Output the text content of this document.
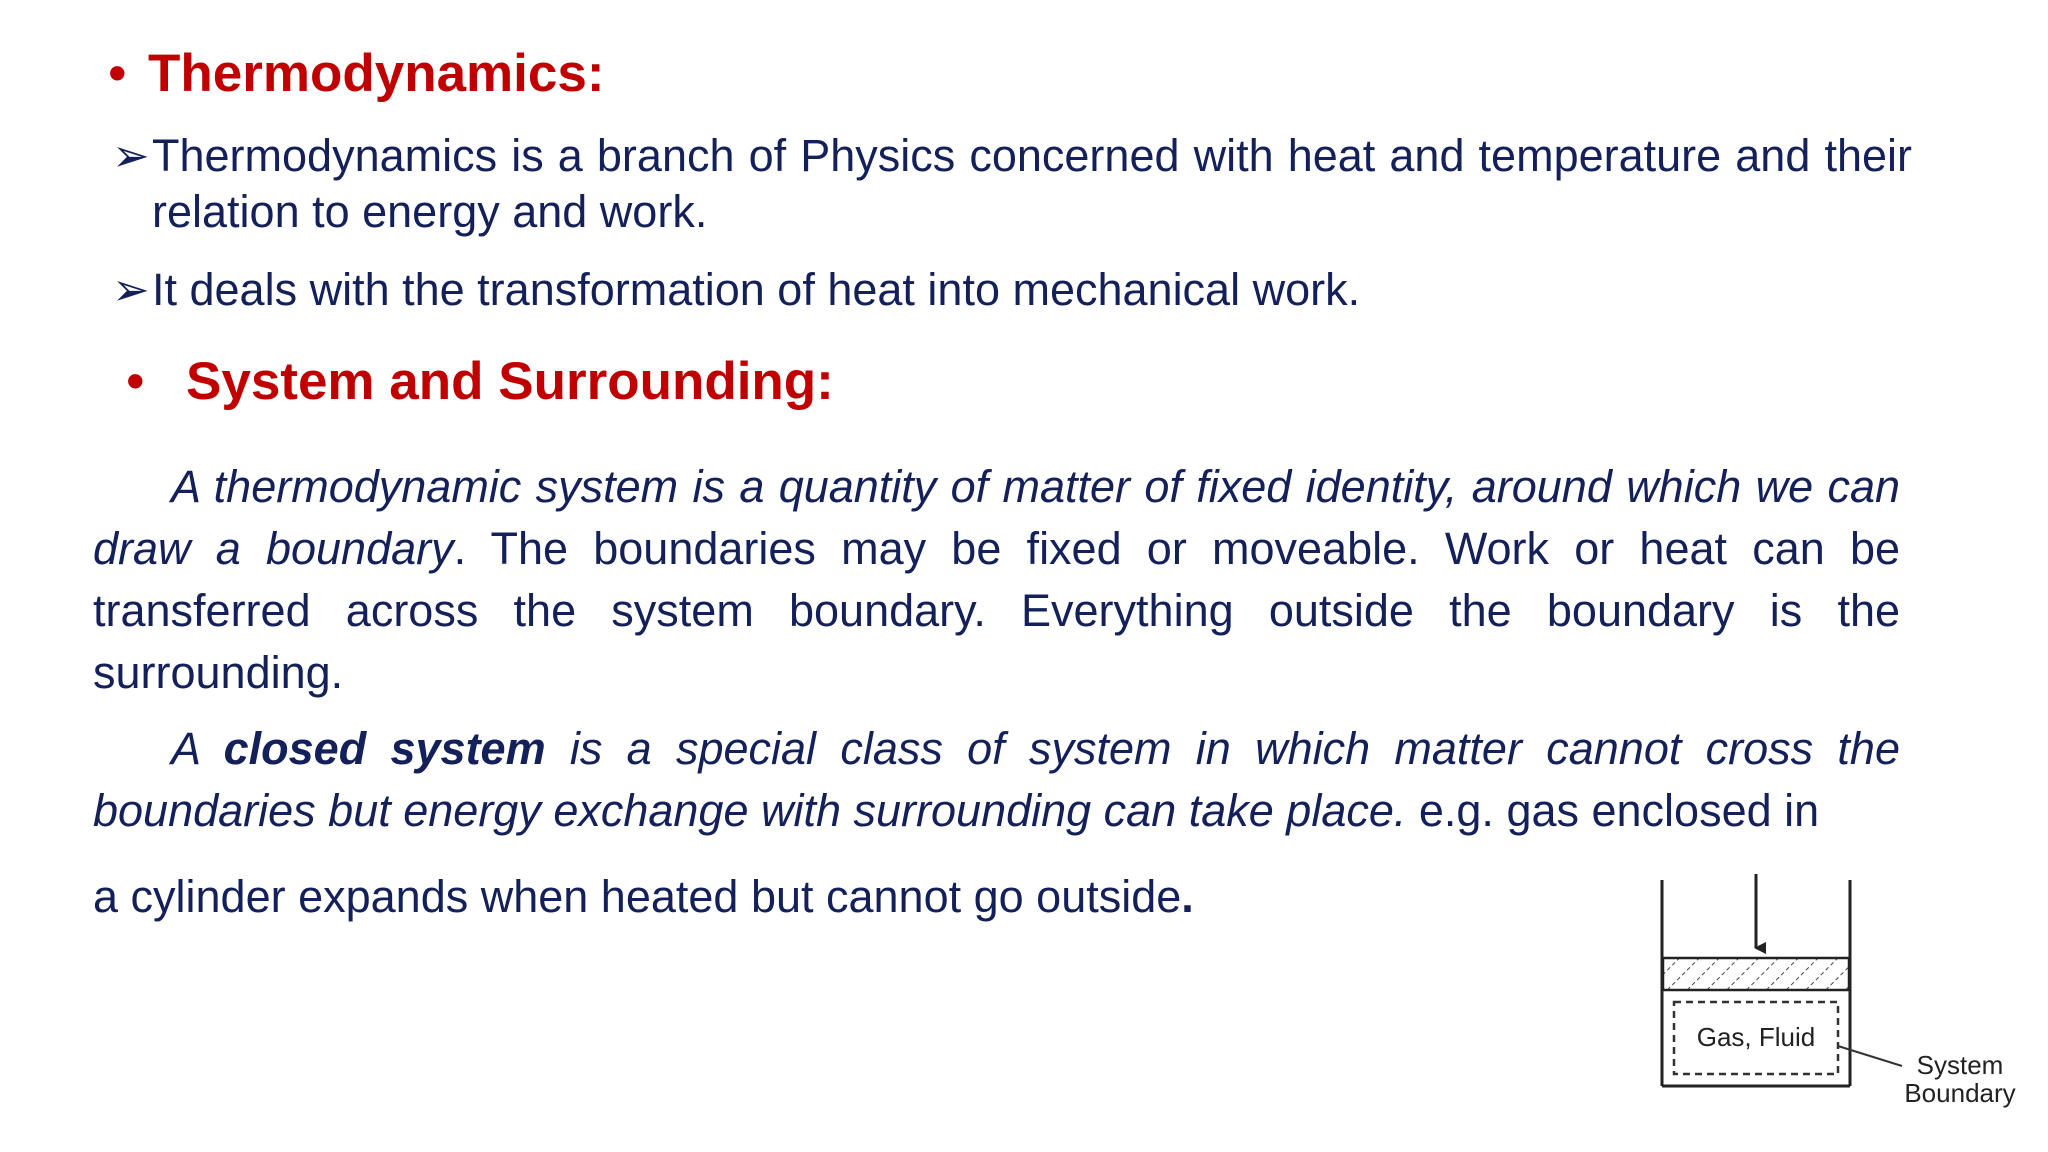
• Thermodynamics:
➢ Thermodynamics is a branch of Physics concerned with heat and temperature and their relation to energy and work.
➢ It deals with the transformation of heat into mechanical work.
• System and Surrounding:
A thermodynamic system is a quantity of matter of fixed identity, around which we can draw a boundary. The boundaries may be fixed or moveable. Work or heat can be transferred across the system boundary. Everything outside the boundary is the surrounding.
A closed system is a special class of system in which matter cannot cross the boundaries but energy exchange with surrounding can take place. e.g. gas enclosed in
a cylinder expands when heated but cannot go outside.
Gas, Fluid
System
Boundary
